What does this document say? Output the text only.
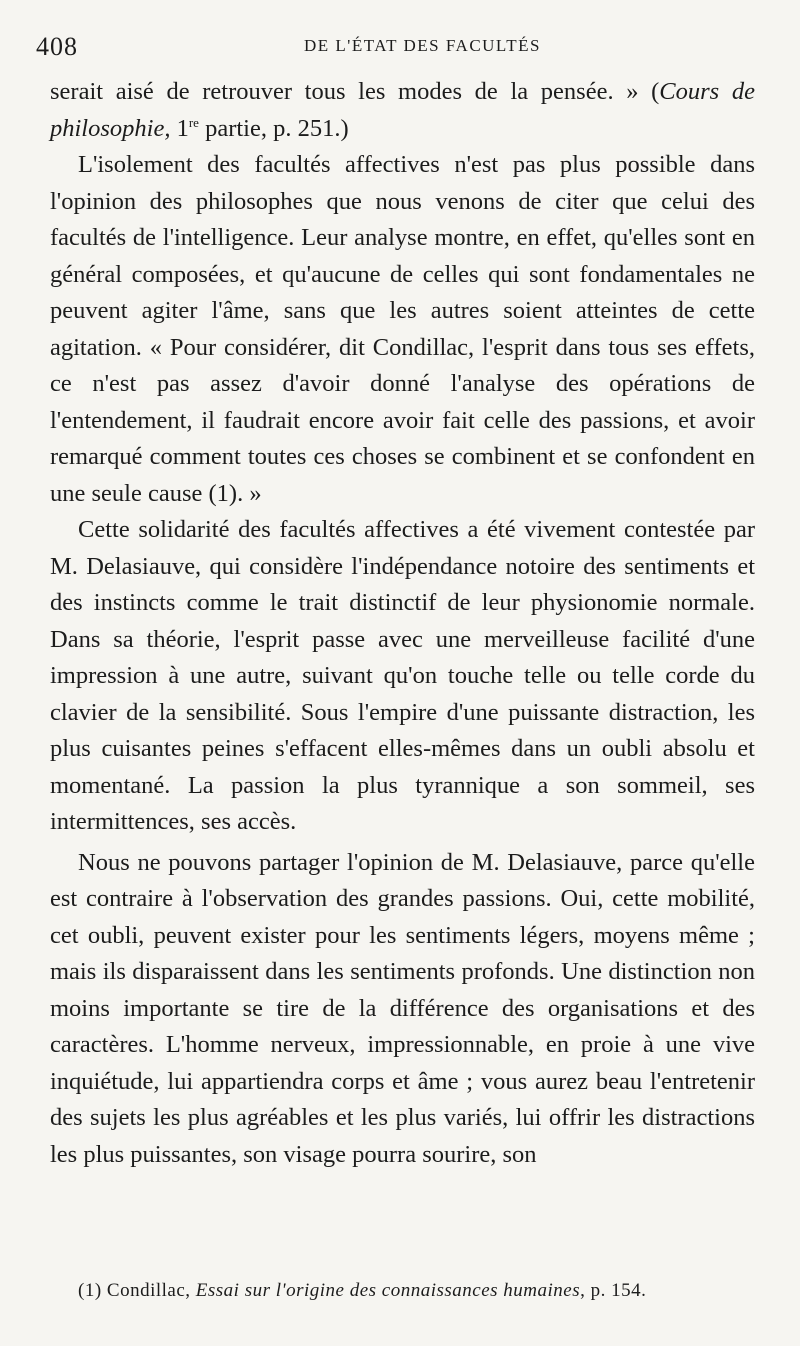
408	DE L'ÉTAT DES FACULTÉS

serait aisé de retrouver tous les modes de la pensée. » (Cours de philosophie, 1re partie, p. 251.)

L'isolement des facultés affectives n'est pas plus possible dans l'opinion des philosophes que nous venons de citer que celui des facultés de l'intelligence. Leur analyse montre, en effet, qu'elles sont en général composées, et qu'aucune de celles qui sont fondamentales ne peuvent agiter l'âme, sans que les autres soient atteintes de cette agitation. « Pour considérer, dit Condillac, l'esprit dans tous ses effets, ce n'est pas assez d'avoir donné l'analyse des opérations de l'entendement, il faudrait encore avoir fait celle des passions, et avoir remarqué comment toutes ces choses se combinent et se confondent en une seule cause (1). »

Cette solidarité des facultés affectives a été vivement contestée par M. Delasiauve, qui considère l'indépendance notoire des sentiments et des instincts comme le trait distinctif de leur physionomie normale. Dans sa théorie, l'esprit passe avec une merveilleuse facilité d'une impression à une autre, suivant qu'on touche telle ou telle corde du clavier de la sensibilité. Sous l'empire d'une puissante distraction, les plus cuisantes peines s'effacent elles-mêmes dans un oubli absolu et momentané. La passion la plus tyrannique a son sommeil, ses intermittences, ses accès.

Nous ne pouvons partager l'opinion de M. Delasiauve, parce qu'elle est contraire à l'observation des grandes passions. Oui, cette mobilité, cet oubli, peuvent exister pour les sentiments légers, moyens même ; mais ils disparaissent dans les sentiments profonds. Une distinction non moins importante se tire de la différence des organisations et des caractères. L'homme nerveux, impressionnable, en proie à une vive inquiétude, lui appartiendra corps et âme ; vous aurez beau l'entretenir des sujets les plus agréables et les plus variés, lui offrir les distractions les plus puissantes, son visage pourra sourire, son

(1) Condillac, Essai sur l'origine des connaissances humaines, p. 154.
